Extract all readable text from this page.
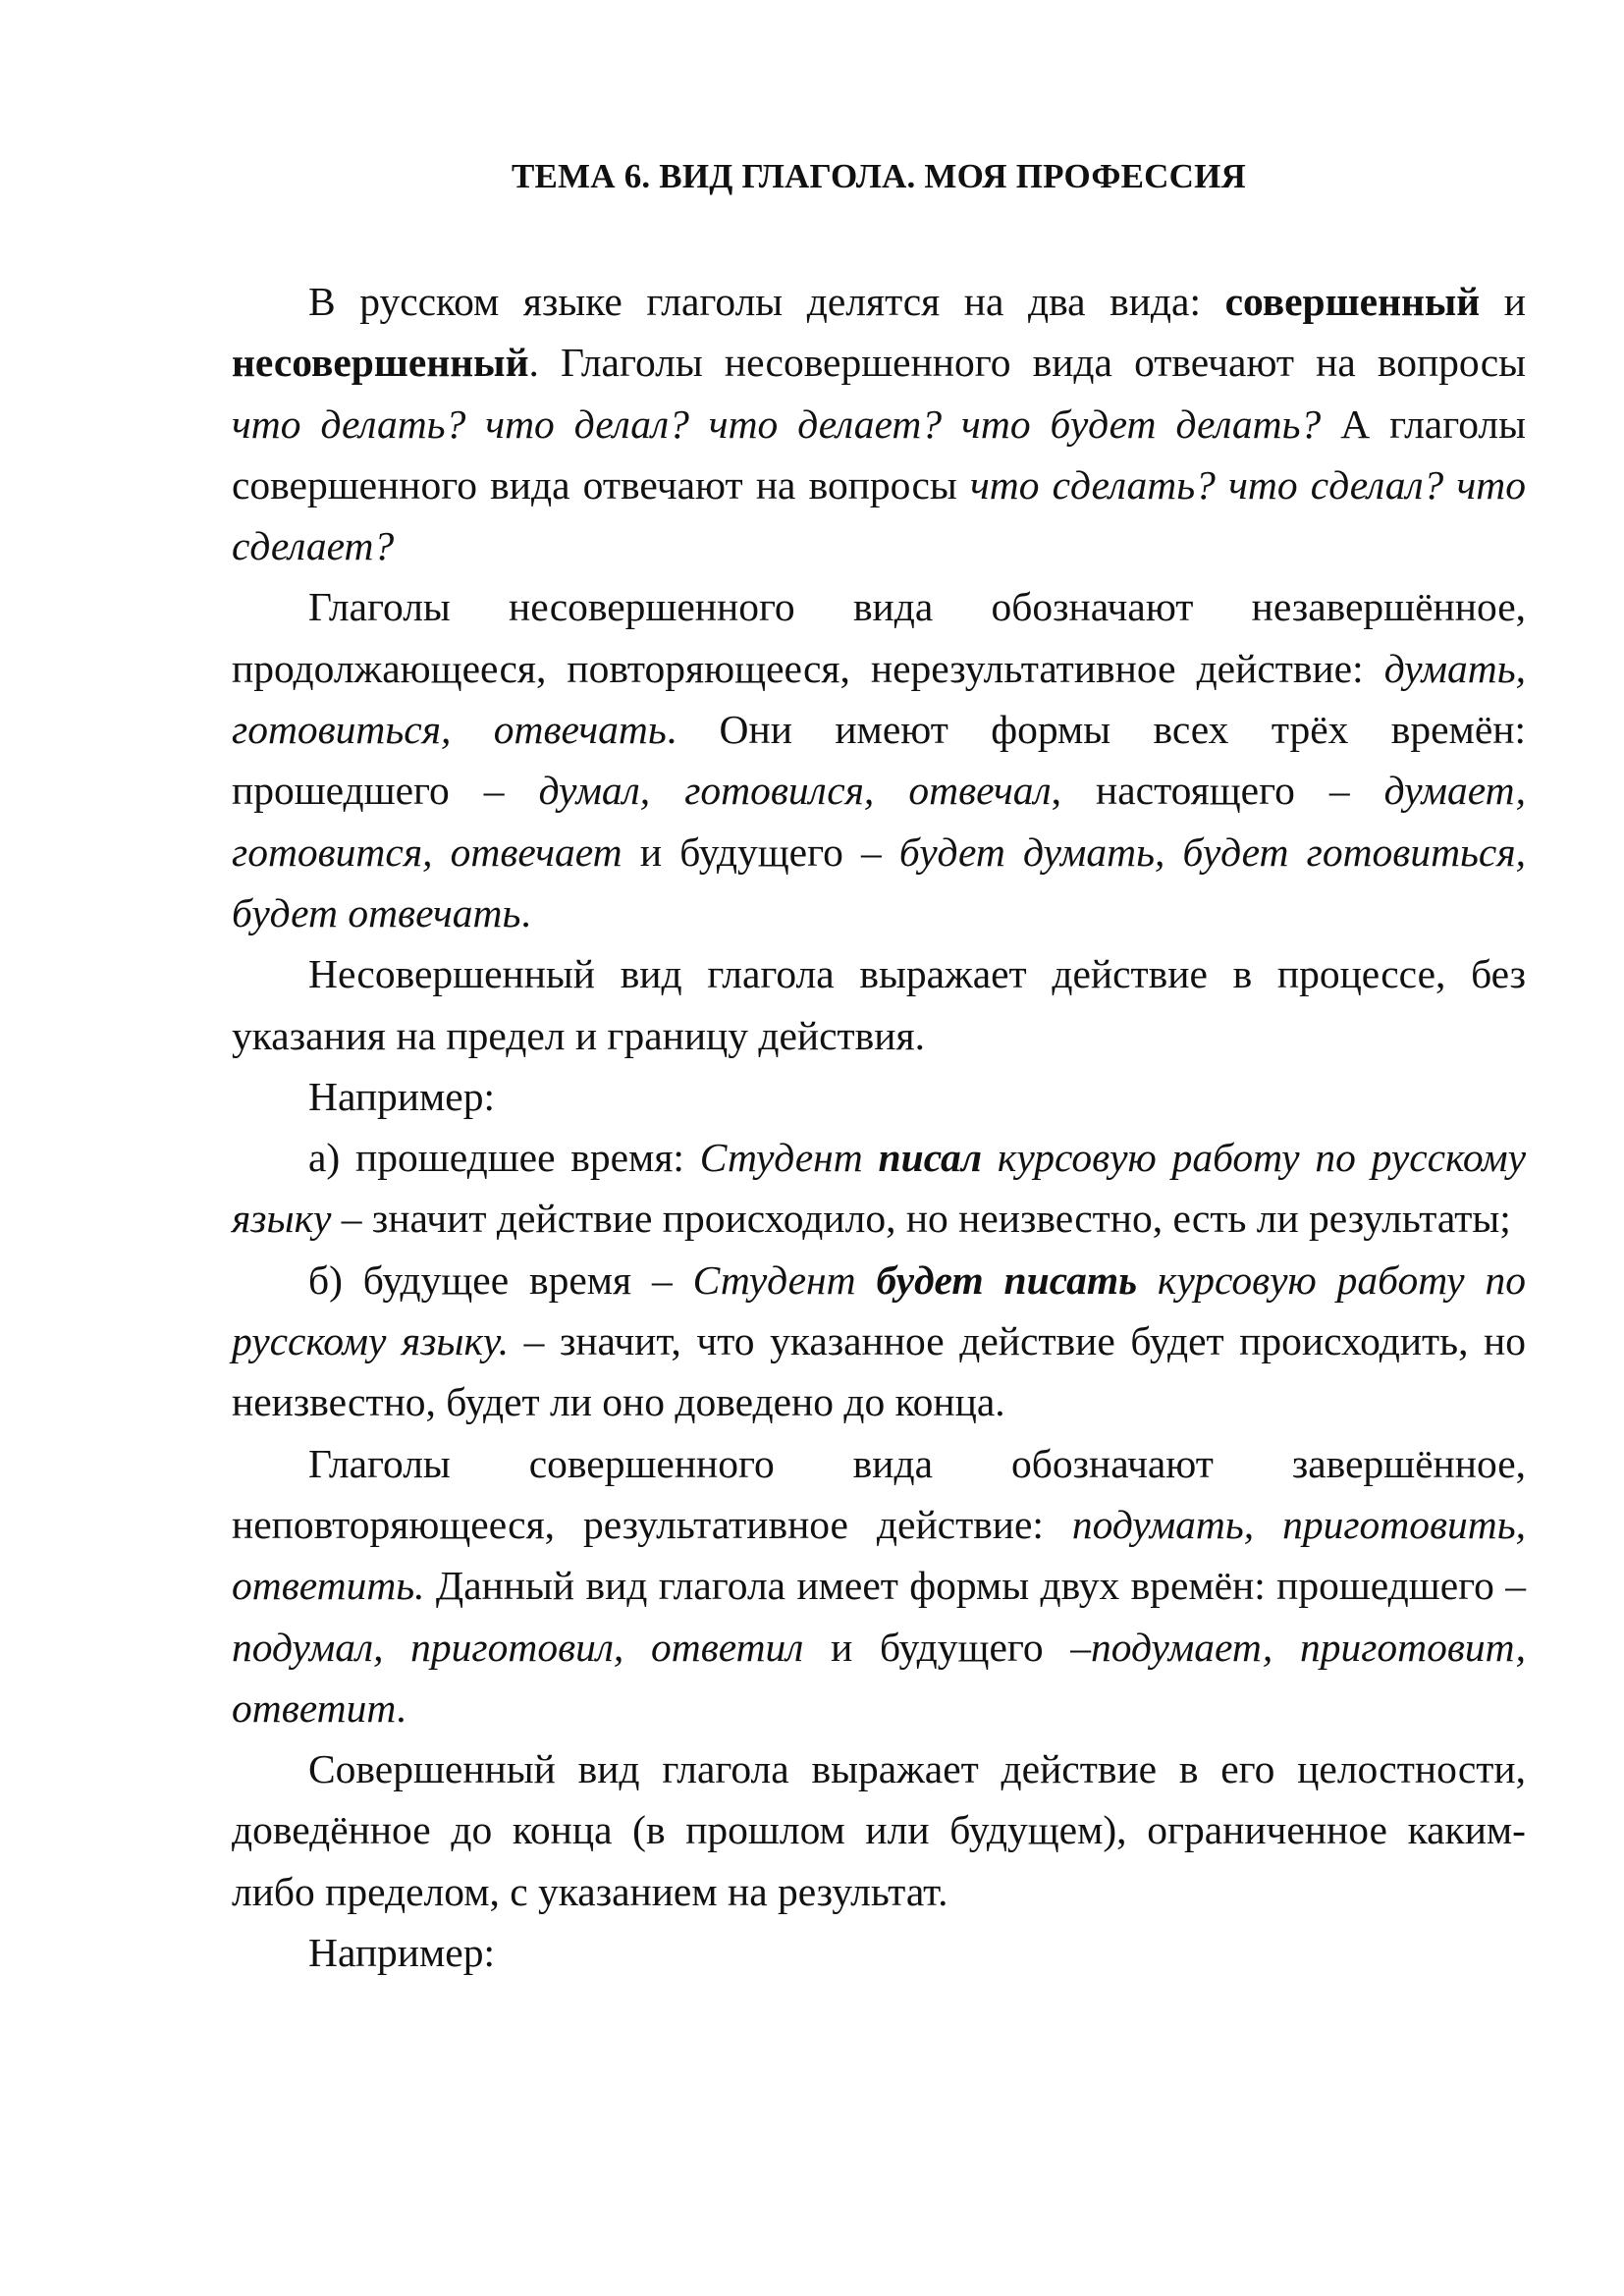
ТЕМА 6. ВИД ГЛАГОЛА. МОЯ ПРОФЕССИЯ

В русском языке глаголы делятся на два вида: совершенный и несовершенный. Глаголы несовершенного вида отвечают на вопросы что делать? что делал? что делает? что будет делать? А глаголы совершенного вида отвечают на вопросы что сделать? что сделал? что сделает?

Глаголы несовершенного вида обозначают незавершённое, продолжающееся, повторяющееся, нерезультативное действие: думать, готовиться, отвечать. Они имеют формы всех трёх времён: прошедшего – думал, готовился, отвечал, настоящего – думает, готовится, отвечает и будущего – будет думать, будет готовиться, будет отвечать.

Несовершенный вид глагола выражает действие в процессе, без указания на предел и границу действия.

Например:

а) прошедшее время: Студент писал курсовую работу по русскому языку – значит действие происходило, но неизвестно, есть ли результаты;

б) будущее время – Студент будет писать курсовую работу по русскому языку. – значит, что указанное действие будет происходить, но неизвестно, будет ли оно доведено до конца.

Глаголы совершенного вида обозначают завершённое, неповторяющееся, результативное действие: подумать, приготовить, ответить. Данный вид глагола имеет формы двух времён: прошедшего – подумал, приготовил, ответил и будущего –подумает, приготовит, ответит.

Совершенный вид глагола выражает действие в его целостности, доведённое до конца (в прошлом или будущем), ограниченное каким-либо пределом, с указанием на результат.

Например:
